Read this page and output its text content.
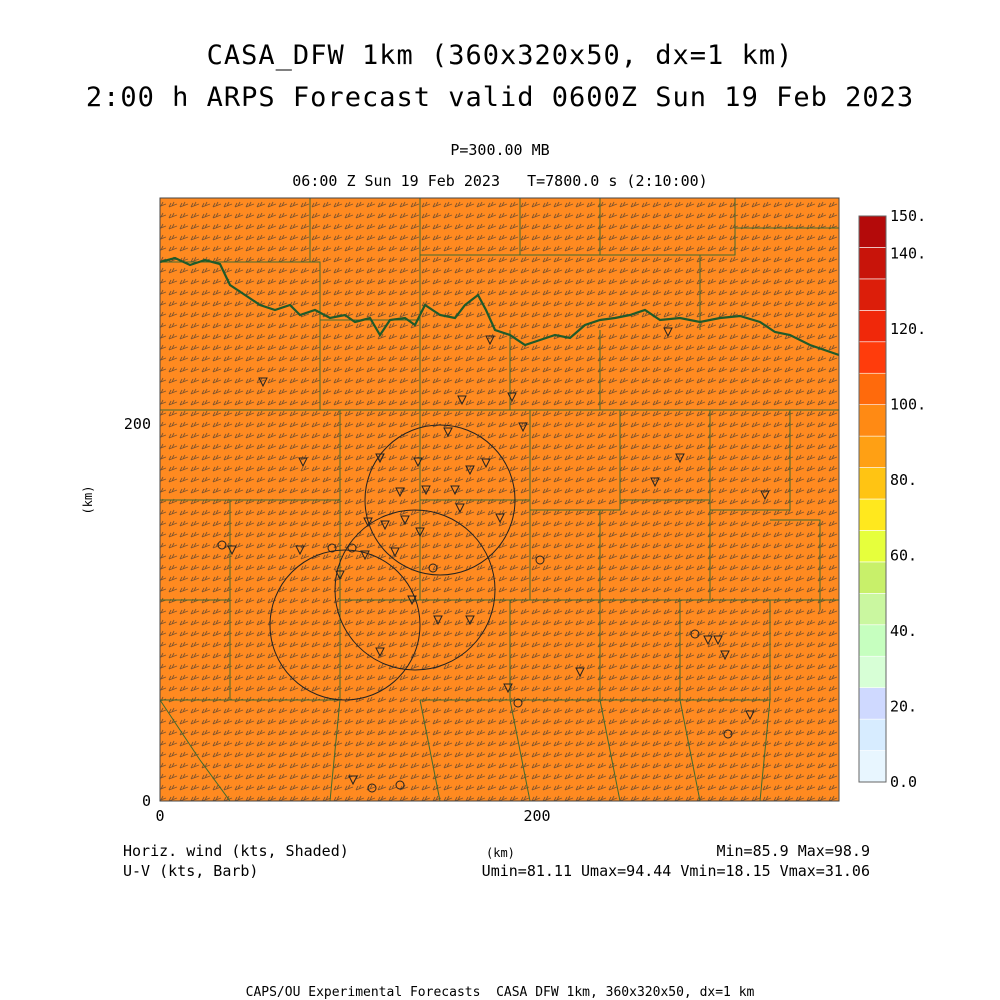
CASA_DFW 1km (360x320x50, dx=1 km)
2:00 h ARPS Forecast valid 0600Z Sun 19 Feb 2023
P=300.00 MB
06:00 Z Sun 19 Feb 2023   T=7800.0 s (2:10:00)
0	200
0
200
(km)
0.0
20.
40.
60.
80.
100.
120.
140.
150.
(km)
Horiz. wind (kts, Shaded)
U-V (kts, Barb)
Min=85.9 Max=98.9
Umin=81.11 Umax=94.44 Vmin=18.15 Vmax=31.06
CAPS/OU Experimental Forecasts  CASA DFW 1km, 360x320x50, dx=1 km
